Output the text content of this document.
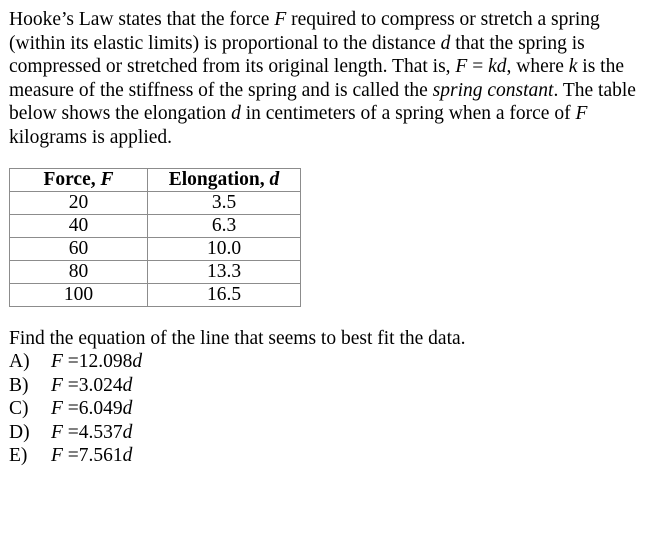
Hooke’s Law states that the force F required to compress or stretch a spring
(within its elastic limits) is proportional to the distance d that the spring is
compressed or stretched from its original length. That is, F = kd, where k is the
measure of the stiffness of the spring and is called the spring constant. The table
below shows the elongation d in centimeters of a spring when a force of F
kilograms is applied.
Force, F	Elongation, d
20	3.5
40	6.3
60	10.0
80	13.3
100	16.5
Find the equation of the line that seems to best fit the data.
A) F =12.098d
B) F =3.024d
C) F =6.049d
D) F =4.537d
E) F =7.561d
